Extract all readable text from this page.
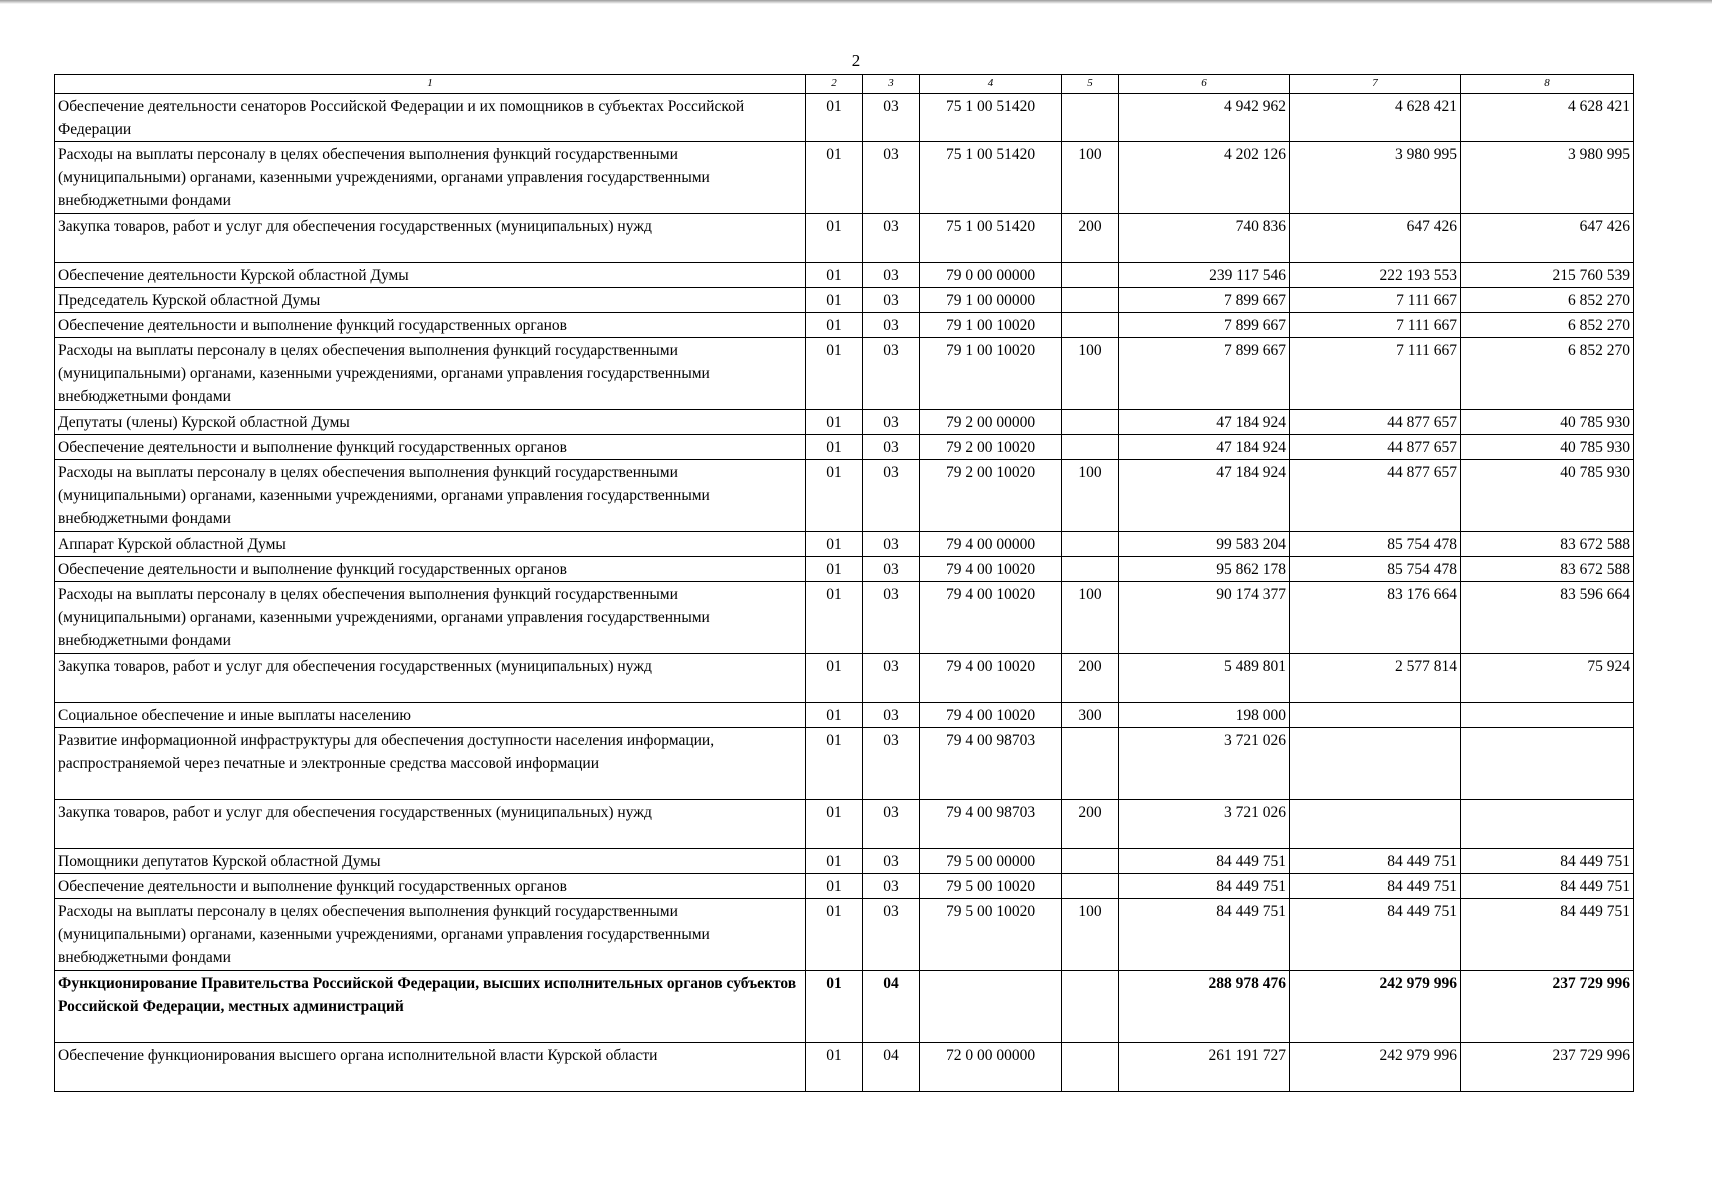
2
1	2	3	4	5	6	7	8
Обеспечение деятельности сенаторов Российской Федерации и их помощников в субъектах Российской Федерации	01	03	75 1 00 51420		4 942 962	4 628 421	4 628 421
Расходы на выплаты персоналу в целях обеспечения выполнения функций государственными (муниципальными) органами, казенными учреждениями, органами управления государственными внебюджетными фондами	01	03	75 1 00 51420	100	4 202 126	3 980 995	3 980 995
Закупка товаров, работ и услуг для обеспечения государственных (муниципальных) нужд	01	03	75 1 00 51420	200	740 836	647 426	647 426
Обеспечение деятельности Курской областной Думы	01	03	79 0 00 00000		239 117 546	222 193 553	215 760 539
Председатель Курской областной Думы	01	03	79 1 00 00000		7 899 667	7 111 667	6 852 270
Обеспечение деятельности и выполнение функций государственных органов	01	03	79 1 00 10020		7 899 667	7 111 667	6 852 270
Расходы на выплаты персоналу в целях обеспечения выполнения функций государственными (муниципальными) органами, казенными учреждениями, органами управления государственными внебюджетными фондами	01	03	79 1 00 10020	100	7 899 667	7 111 667	6 852 270
Депутаты (члены) Курской областной Думы	01	03	79 2 00 00000		47 184 924	44 877 657	40 785 930
Обеспечение деятельности и выполнение функций государственных органов	01	03	79 2 00 10020		47 184 924	44 877 657	40 785 930
Расходы на выплаты персоналу в целях обеспечения выполнения функций государственными (муниципальными) органами, казенными учреждениями, органами управления государственными внебюджетными фондами	01	03	79 2 00 10020	100	47 184 924	44 877 657	40 785 930
Аппарат Курской областной Думы	01	03	79 4 00 00000		99 583 204	85 754 478	83 672 588
Обеспечение деятельности и выполнение функций государственных органов	01	03	79 4 00 10020		95 862 178	85 754 478	83 672 588
Расходы на выплаты персоналу в целях обеспечения выполнения функций государственными (муниципальными) органами, казенными учреждениями, органами управления государственными внебюджетными фондами	01	03	79 4 00 10020	100	90 174 377	83 176 664	83 596 664
Закупка товаров, работ и услуг для обеспечения государственных (муниципальных) нужд	01	03	79 4 00 10020	200	5 489 801	2 577 814	75 924
Социальное обеспечение и иные выплаты населению	01	03	79 4 00 10020	300	198 000		
Развитие информационной инфраструктуры для обеспечения доступности населения информации, распространяемой через печатные и электронные средства массовой информации	01	03	79 4 00 98703		3 721 026		
Закупка товаров, работ и услуг для обеспечения государственных (муниципальных) нужд	01	03	79 4 00 98703	200	3 721 026		
Помощники депутатов Курской областной Думы	01	03	79 5 00 00000		84 449 751	84 449 751	84 449 751
Обеспечение деятельности и выполнение функций государственных органов	01	03	79 5 00 10020		84 449 751	84 449 751	84 449 751
Расходы на выплаты персоналу в целях обеспечения выполнения функций государственными (муниципальными) органами, казенными учреждениями, органами управления государственными внебюджетными фондами	01	03	79 5 00 10020	100	84 449 751	84 449 751	84 449 751
Функционирование Правительства Российской Федерации, высших исполнительных органов субъектов Российской Федерации, местных администраций	01	04			288 978 476	242 979 996	237 729 996
Обеспечение функционирования высшего органа исполнительной власти Курской области	01	04	72 0 00 00000		261 191 727	242 979 996	237 729 996
